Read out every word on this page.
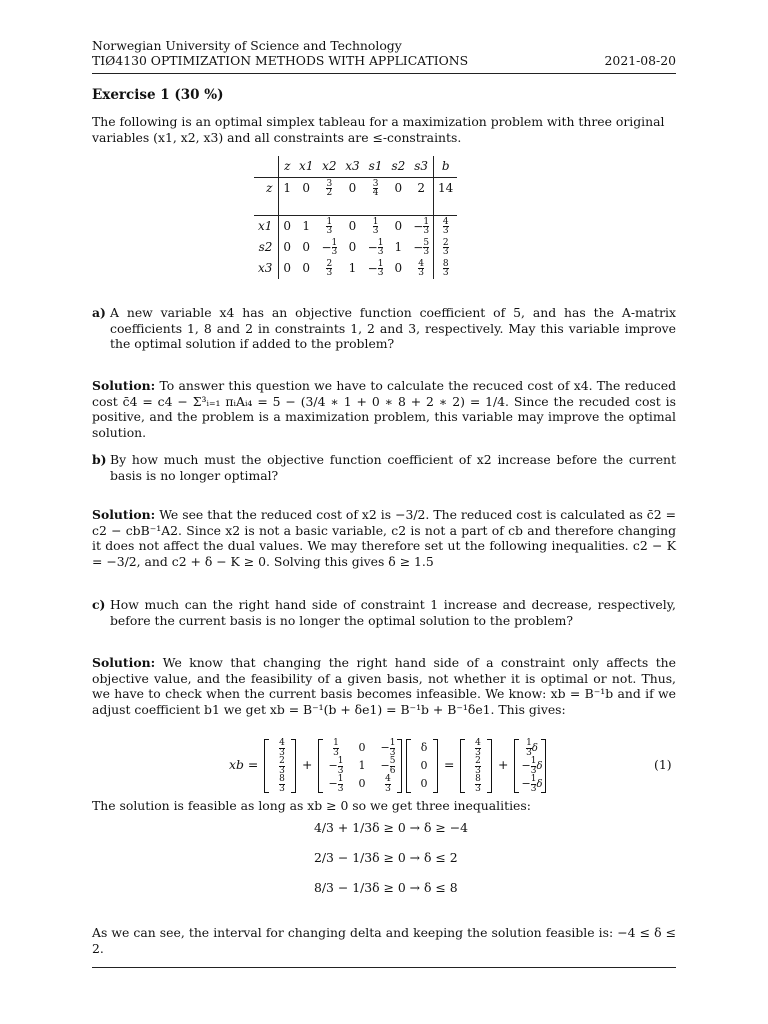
Norwegian University of Science and Technology
TIØ4130 OPTIMIZATION METHODS WITH APPLICATIONS	2021-08-20
Exercise 1 (30 %)
The following is an optimal simplex tableau for a maximization problem with three original
variables (x1, x2, x3) and all constraints are ≤-constraints.
	z	x1	x2	x3	s1	s2	s3	b
z	1	0	$\frac{3}{2}$	0	$\frac{3}{4}$	0	2	14

x1	0	1	$\frac{1}{3}$	0	$\frac{1}{3}$	0	− $\frac{1}{3}$	$\frac{4}{3}$

s2	0	0	− $\frac{1}{3}$	0	− $\frac{1}{3}$	1	− $\frac{5}{3}$	$\frac{2}{3}$

x3	0	0	$\frac{2}{3}$	1	− $\frac{1}{3}$	0	$\frac{4}{3}$	$\frac{8}{3}$
a) A new variable x4 has an objective function coefficient of 5, and has the A-matrix coefficients 1, 8 and 2 in constraints 1, 2 and 3, respectively. May this variable improve the optimal solution if added to the problem?
Solution: To answer this question we have to calculate the recuced cost of x4. The reduced cost c̄4 = c4 − Σ³ᵢ₌₁ πᵢAᵢ₄ = 5 − (3/4 ∗ 1 + 0 ∗ 8 + 2 ∗ 2) = 1/4. Since the recuded cost is positive, and the problem is a maximization problem, this variable may improve the optimal solution.
b) By how much must the objective function coefficient of x2 increase before the current basis is no longer optimal?
Solution: We see that the reduced cost of x2 is −3/2. The reduced cost is calculated as c̄2 = c2 − cbB⁻¹A2. Since x2 is not a basic variable, c2 is not a part of cb and therefore changing it does not affect the dual values. We may therefore set ut the following inequalities. c2 − K = −3/2, and c2 + δ − K ≥ 0. Solving this gives δ ≥ 1.5
c) How much can the right hand side of constraint 1 increase and decrease, respectively, before the current basis is no longer the optimal solution to the problem?
Solution: We know that changing the right hand side of a constraint only affects the objective value, and the feasibility of a given basis, not whether it is optimal or not. Thus, we have to check when the current basis becomes infeasible. We know: xb = B⁻¹b and if we adjust coefficient b1 we get xb = B⁻¹(b + δe1) = B⁻¹b + B⁻¹δe1. This gives:
xb =	(1)
$\frac{4}{3}$
$\frac{2}{3}$
$\frac{8}{3}$
+
$\frac{1}{3}$	0	− $\frac{1}{3}$
− $\frac{1}{3}$	1	− $\frac{5}{6}$
− $\frac{1}{3}$	0	$\frac{4}{3}$
δ
0
0
=
$\frac{4}{3}$
$\frac{2}{3}$
$\frac{8}{3}$
+
$\frac{1}{3}$ δ
− $\frac{1}{3}$ δ
− $\frac{1}{3}$ δ
The solution is feasible as long as xb ≥ 0 so we get three inequalities:
4/3 + 1/3δ ≥ 0 → δ ≥ −4
2/3 − 1/3δ ≥ 0 → δ ≤ 2
8/3 − 1/3δ ≥ 0 → δ ≤ 8
As we can see, the interval for changing delta and keeping the solution feasible is: −4 ≤ δ ≤ 2.
